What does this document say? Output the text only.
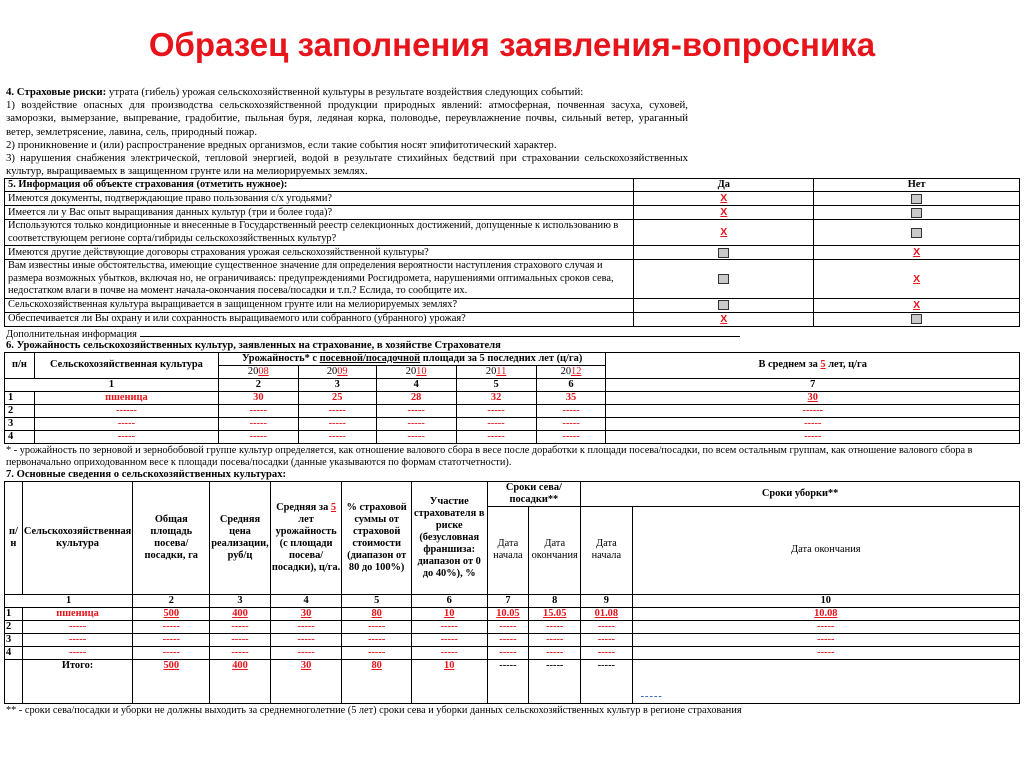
Образец заполнения заявления-вопросника

4. Страховые риски: утрата (гибель) урожая сельскохозяйственной культуры в результате воздействия следующих событий:

1) воздействие опасных для производства сельскохозяйственной продукции природных явлений: атмосферная, почвенная засуха, суховей, заморозки, вымерзание, выпревание, градобитие, пыльная буря, ледяная корка, половодье, переувлажнение почвы, сильный ветер, ураганный ветер, землетрясение, лавина, сель, природный пожар.

2) проникновение и (или) распространение вредных организмов, если такие события носят эпифитотический характер.

3) нарушения снабжения электрической, тепловой энергией, водой в результате стихийных бедствий при страховании сельскохозяйственных культур, выращиваемых в защищенном грунте или на мелиорируемых землях.

5. Информация об объекте страхования (отметить нужное):	Да	Нет
Имеются документы, подтверждающие право пользования с/х угодьями?	Х	
Имеется ли у Вас опыт выращивания данных культур (три и более года)?	Х	
Используются только кондиционные и внесенные в Государственный реестр селекционных достижений, допущенные к использованию в соответствующем регионе сорта/гибриды сельскохозяйственных культур?	Х	
Имеются другие действующие договоры страхования урожая сельскохозяйственной культуры?		Х
Вам известны иные обстоятельства, имеющие существенное значение для определения вероятности наступления страхового случая и размера возможных убытков, включая но, не ограничиваясь: предупреждениями Росгидромета, нарушениями оптимальных сроков сева, недостатком влаги в почве на момент начала-окончания посева/посадки и т.п.? Еслида, то сообщите их.		Х
Сельскохозяйственная культура выращивается в защищенном грунте или на мелиорируемых землях?		Х
Обеспечивается ли Вы охрану и или сохранность выращиваемого или собранного (убранного) урожая?	Х	
Дополнительная информация
6. Урожайность сельскохозяйственных культур, заявленных на страхование, в хозяйстве Страхователя
п/н	Сельскохозяйственная культура	Урожайность* с посевной/посадочной площади за 5 последних лет (ц/га)					В среднем за 5 лет, ц/га
		2008	2009	2010	2011	2012	
1		2	3	4	5	6	7
1	пшеница	30	25	28	32	35	30
2	------	-----	-----	-----	-----	-----	------
3	-----	-----	-----	-----	-----	-----	-----
4	-----	-----	-----	-----	-----	-----	-----
* - урожайность по зерновой и зернобобовой группе культур определяется, как отношение валового сбора в весе после доработки к площади посева/посадки, по всем остальным группам, как отношение валового сбора в первоначально оприходованном весе к площади посева/посадки (данные указываются по формам статотчетности).
7. Основные сведения о сельскохозяйственных культурах:
п/н	Сельскохозяйственная культура	Общая площадь посева/посадки, га	Средняя цена реализации, руб/ц	Средняя за 5 лет урожайность (с площади посева/посадки), ц/га.	% страховой суммы от страховой стоимости (диапазон от 80 до 100%)	Участие страхователя в риске (безусловная франшиза: диапазон от 0 до 40%), %	Сроки сева/посадки**		Сроки уборки**	
							Дата начала	Дата окончания	Дата начала	Дата окончания
1		2	3	4	5	6	7	8	9	10
1	пшеница	500	400	30	80	10	10.05	15.05	01.08	10.08
2	-----	-----	-----	-----	-----	-----	-----	-----	-----	-----
3	-----	-----	-----	-----	-----	-----	-----	-----	-----	-----
4	-----	-----	-----	-----	-----	-----	-----	-----	-----	-----
	Итого:	500	400	30	80	10	-----	-----	-----	-----
** - сроки сева/посадки и уборки не должны выходить за среднемноголетние (5 лет) сроки сева и уборки данных сельскохозяйственных культур в регионе страхования
